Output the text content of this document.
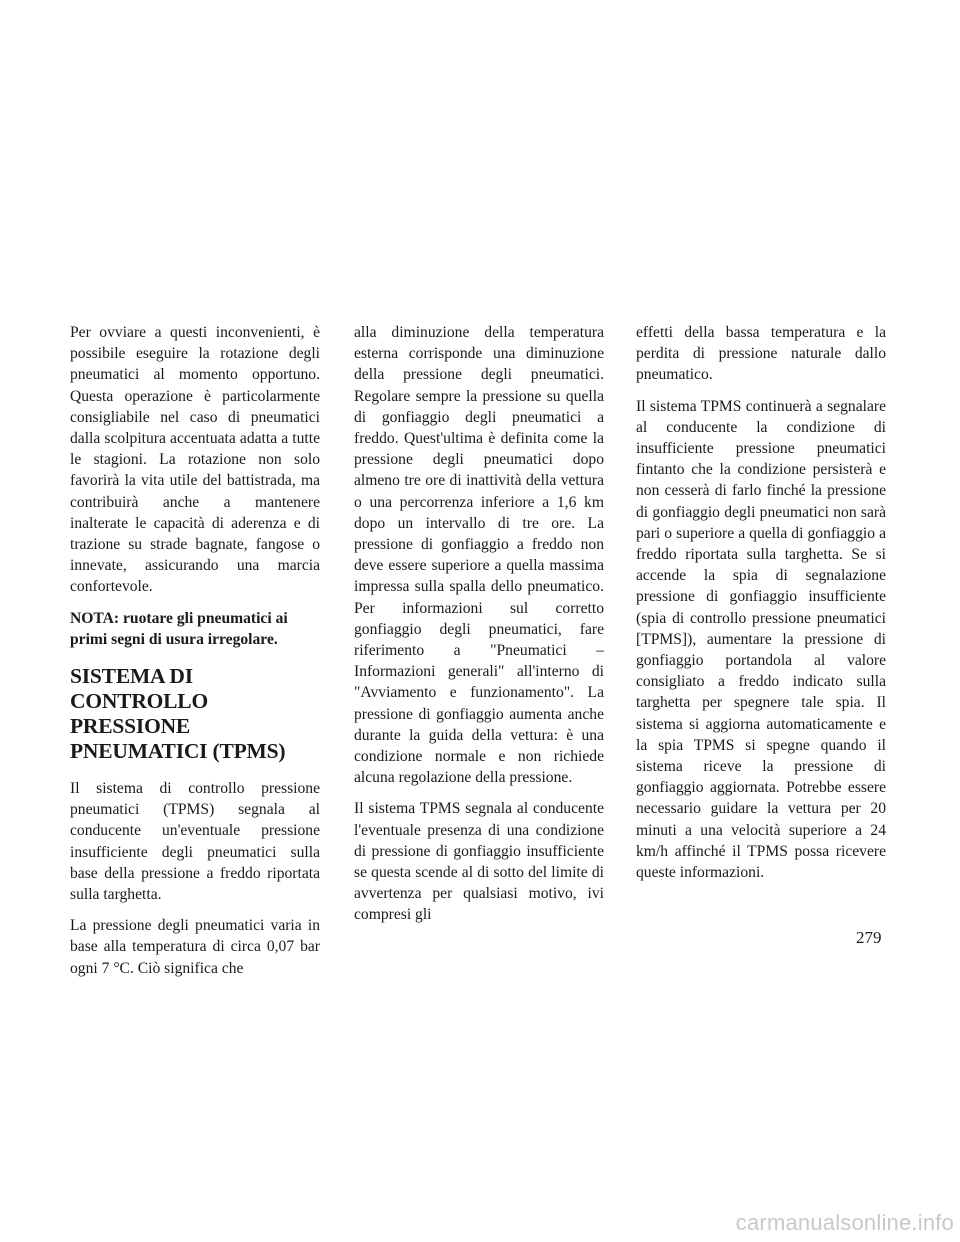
Per ovviare a questi inconvenienti, è possibile eseguire la rotazione degli pneumatici al momento opportuno. Questa operazione è particolarmente consigliabile nel caso di pneumatici dalla scolpitura accentuata adatta a tutte le stagioni. La rotazione non solo favorirà la vita utile del battistrada, ma contribuirà anche a mantenere inalterate le capacità di aderenza e di trazione su strade bagnate, fangose o innevate, assicurando una marcia confortevole.

NOTA: ruotare gli pneumatici ai primi segni di usura irregolare.

SISTEMA DI CONTROLLO PRESSIONE PNEUMATICI (TPMS)

Il sistema di controllo pressione pneumatici (TPMS) segnala al conducente un'eventuale pressione insufficiente degli pneumatici sulla base della pressione a freddo riportata sulla targhetta.

La pressione degli pneumatici varia in base alla temperatura di circa 0,07 bar ogni 7 °C. Ciò significa che

alla diminuzione della temperatura esterna corrisponde una diminuzione della pressione degli pneumatici. Regolare sempre la pressione su quella di gonfiaggio degli pneumatici a freddo. Quest'ultima è definita come la pressione degli pneumatici dopo almeno tre ore di inattività della vettura o una percorrenza inferiore a 1,6 km dopo un intervallo di tre ore. La pressione di gonfiaggio a freddo non deve essere superiore a quella massima impressa sulla spalla dello pneumatico. Per informazioni sul corretto gonfiaggio degli pneumatici, fare riferimento a "Pneumatici – Informazioni generali" all'interno di "Avviamento e funzionamento". La pressione di gonfiaggio aumenta anche durante la guida della vettura: è una condizione normale e non richiede alcuna regolazione della pressione.

Il sistema TPMS segnala al conducente l'eventuale presenza di una condizione di pressione di gonfiaggio insufficiente se questa scende al di sotto del limite di avvertenza per qualsiasi motivo, ivi compresi gli

effetti della bassa temperatura e la perdita di pressione naturale dallo pneumatico.

Il sistema TPMS continuerà a segnalare al conducente la condizione di insufficiente pressione pneumatici fintanto che la condizione persisterà e non cesserà di farlo finché la pressione di gonfiaggio degli pneumatici non sarà pari o superiore a quella di gonfiaggio a freddo riportata sulla targhetta. Se si accende la spia di segnalazione pressione di gonfiaggio insufficiente (spia di controllo pressione pneumatici [TPMS]), aumentare la pressione di gonfiaggio portandola al valore consigliato a freddo indicato sulla targhetta per spegnere tale spia. Il sistema si aggiorna automaticamente e la spia TPMS si spegne quando il sistema riceve la pressione di gonfiaggio aggiornata. Potrebbe essere necessario guidare la vettura per 20 minuti a una velocità superiore a 24 km/h affinché il TPMS possa ricevere queste informazioni.

279
carmanualsonline.info
